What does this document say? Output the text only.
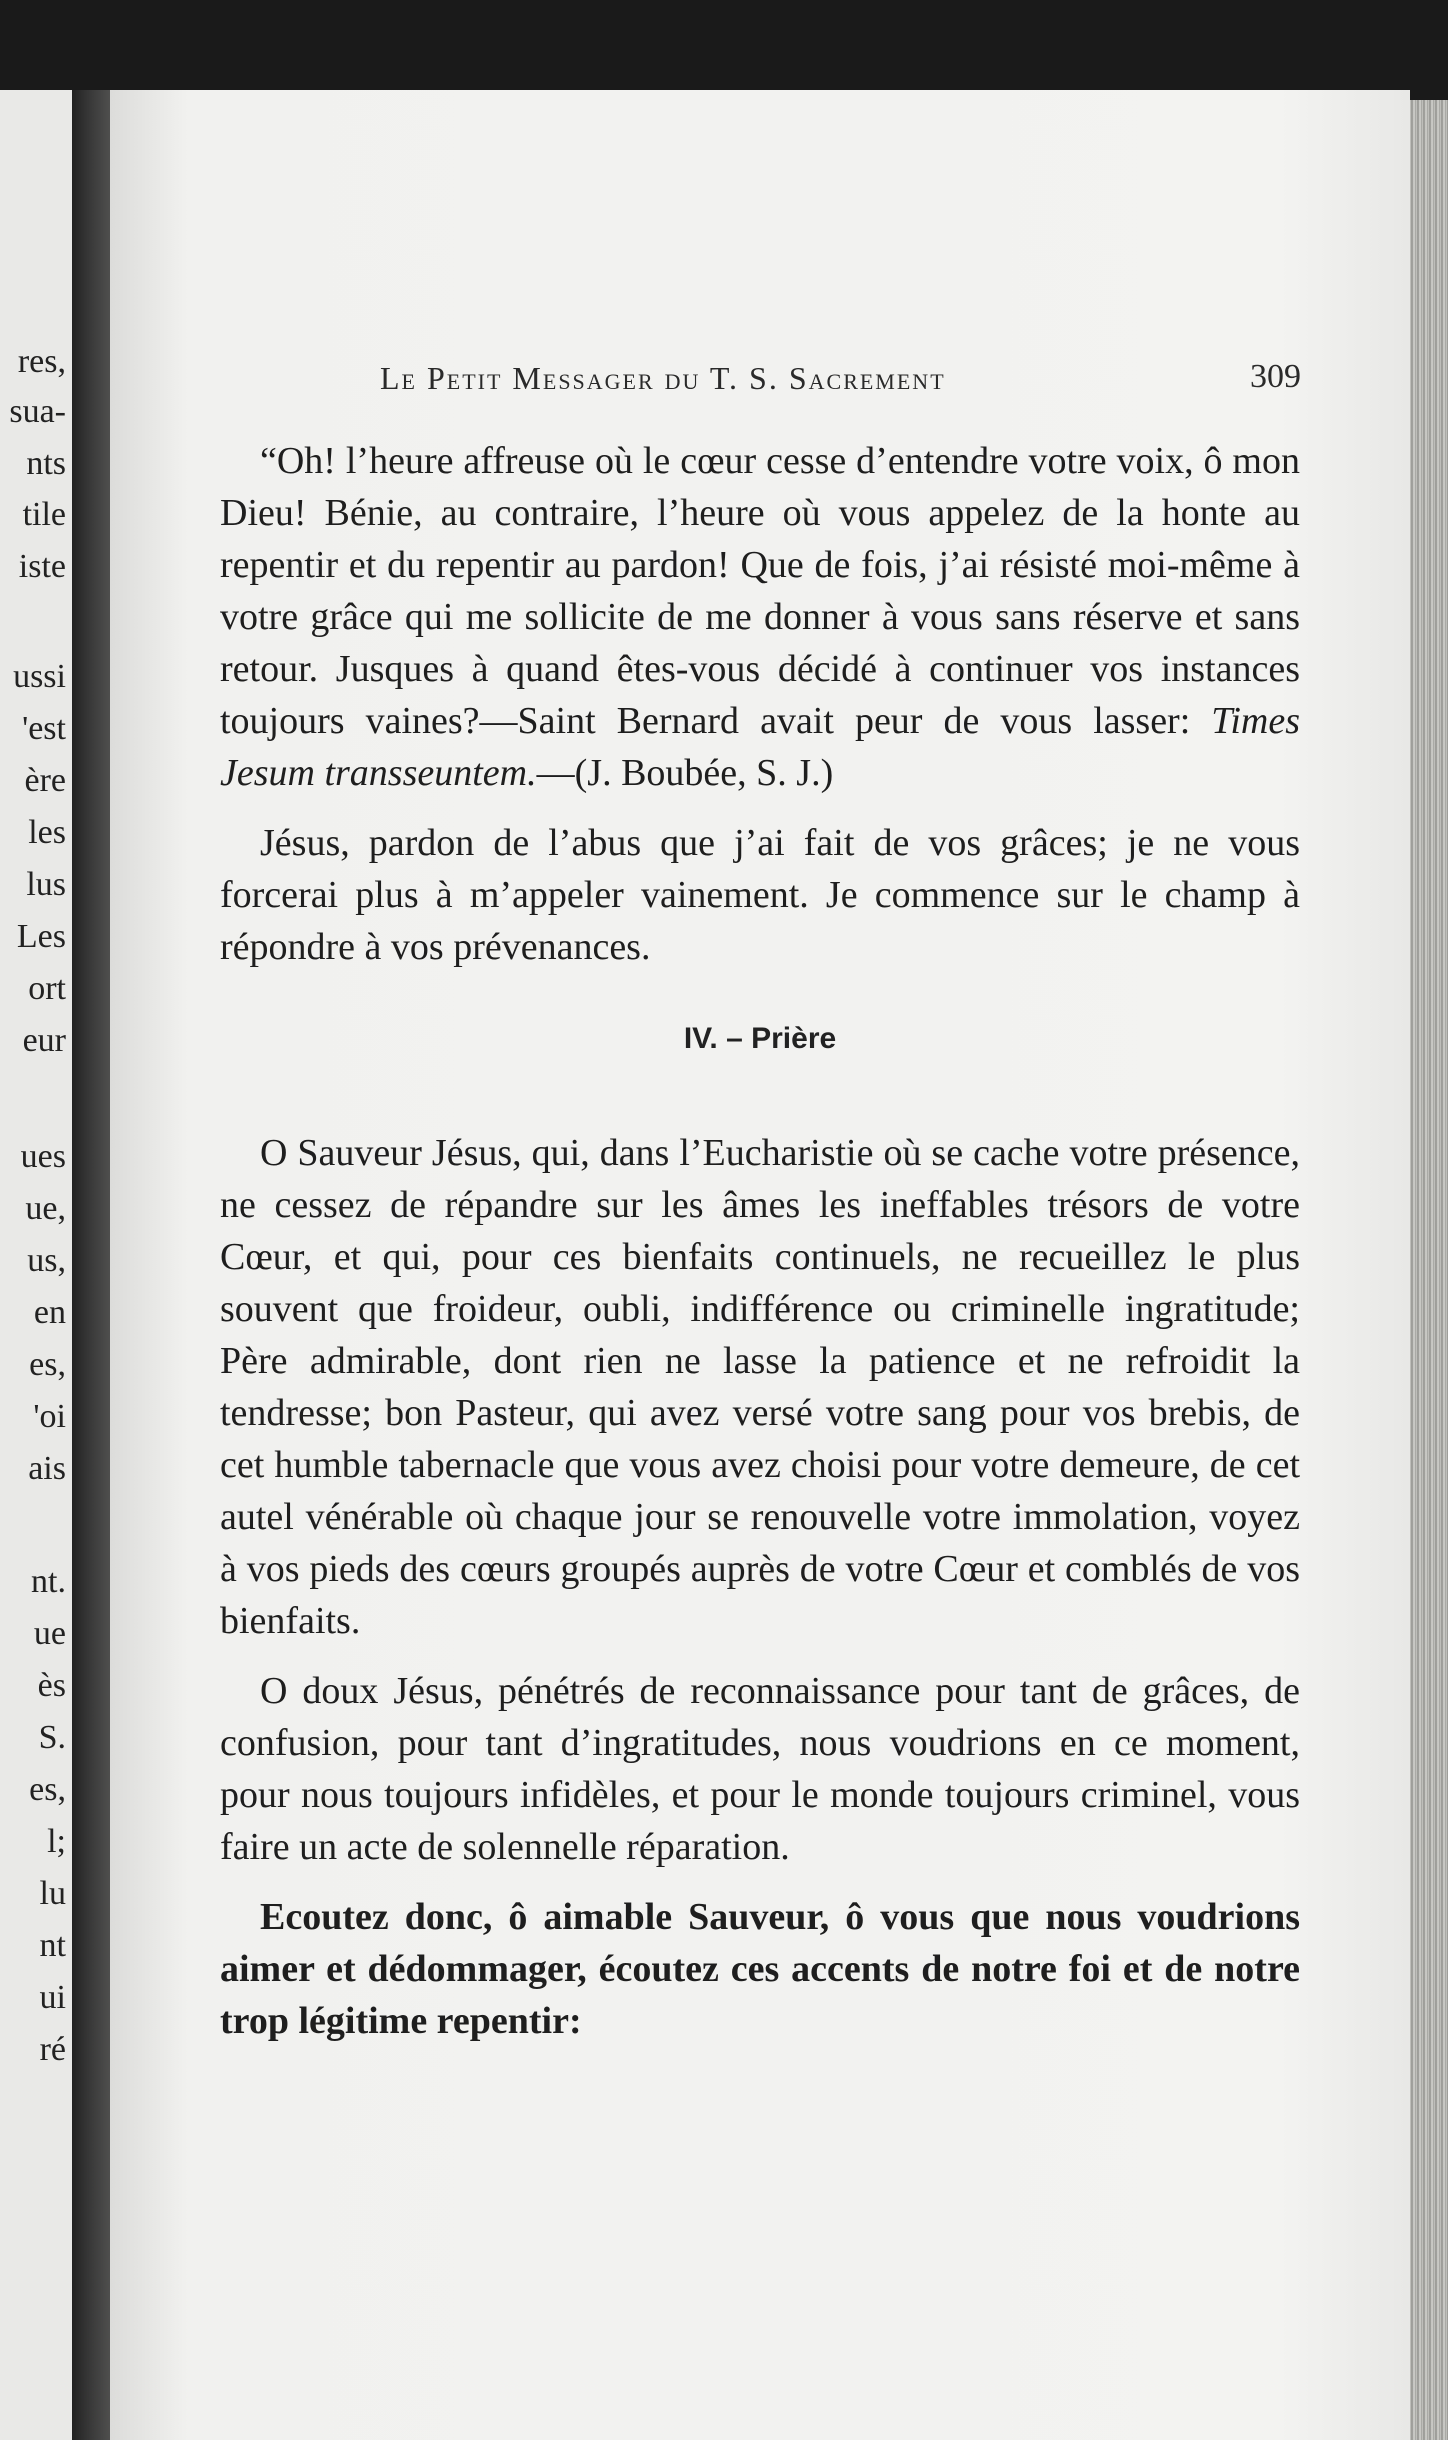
res,
sua-
nts
tile
iste
ussi
'est
ère
les
lus
Les
ort
eur
ues
ue,
us,
en
es,
'oi
ais
nt.
ue
ès
S.
es,
l;
lu
nt
ui
ré
Le Petit Messager du T. S. Sacrement	309

“Oh! l’heure affreuse où le cœur cesse d’entendre votre voix, ô mon Dieu! Bénie, au contraire, l’heure où vous appelez de la honte au repentir et du repentir au pardon! Que de fois, j’ai résisté moi-même à votre grâce qui me sollicite de me donner à vous sans réserve et sans retour. Jusques à quand êtes-vous décidé à continuer vos instances toujours vaines?—Saint Bernard avait peur de vous lasser: Times Jesum transseuntem.—(J. Boubée, S. J.)

Jésus, pardon de l’abus que j’ai fait de vos grâces; je ne vous forcerai plus à m’appeler vainement. Je commence sur le champ à répondre à vos prévenances.

IV. – Prière

O Sauveur Jésus, qui, dans l’Eucharistie où se cache votre présence, ne cessez de répandre sur les âmes les ineffables trésors de votre Cœur, et qui, pour ces bienfaits continuels, ne recueillez le plus souvent que froideur, oubli, indifférence ou criminelle ingratitude; Père admirable, dont rien ne lasse la patience et ne refroidit la tendresse; bon Pasteur, qui avez versé votre sang pour vos brebis, de cet humble tabernacle que vous avez choisi pour votre demeure, de cet autel vénérable où chaque jour se renouvelle votre immolation, voyez à vos pieds des cœurs groupés auprès de votre Cœur et comblés de vos bienfaits.

O doux Jésus, pénétrés de reconnaissance pour tant de grâces, de confusion, pour tant d’ingratitudes, nous voudrions en ce moment, pour nous toujours infidèles, et pour le monde toujours criminel, vous faire un acte de solennelle réparation.

Ecoutez donc, ô aimable Sauveur, ô vous que nous voudrions aimer et dédommager, écoutez ces accents de notre foi et de notre trop légitime repentir:
